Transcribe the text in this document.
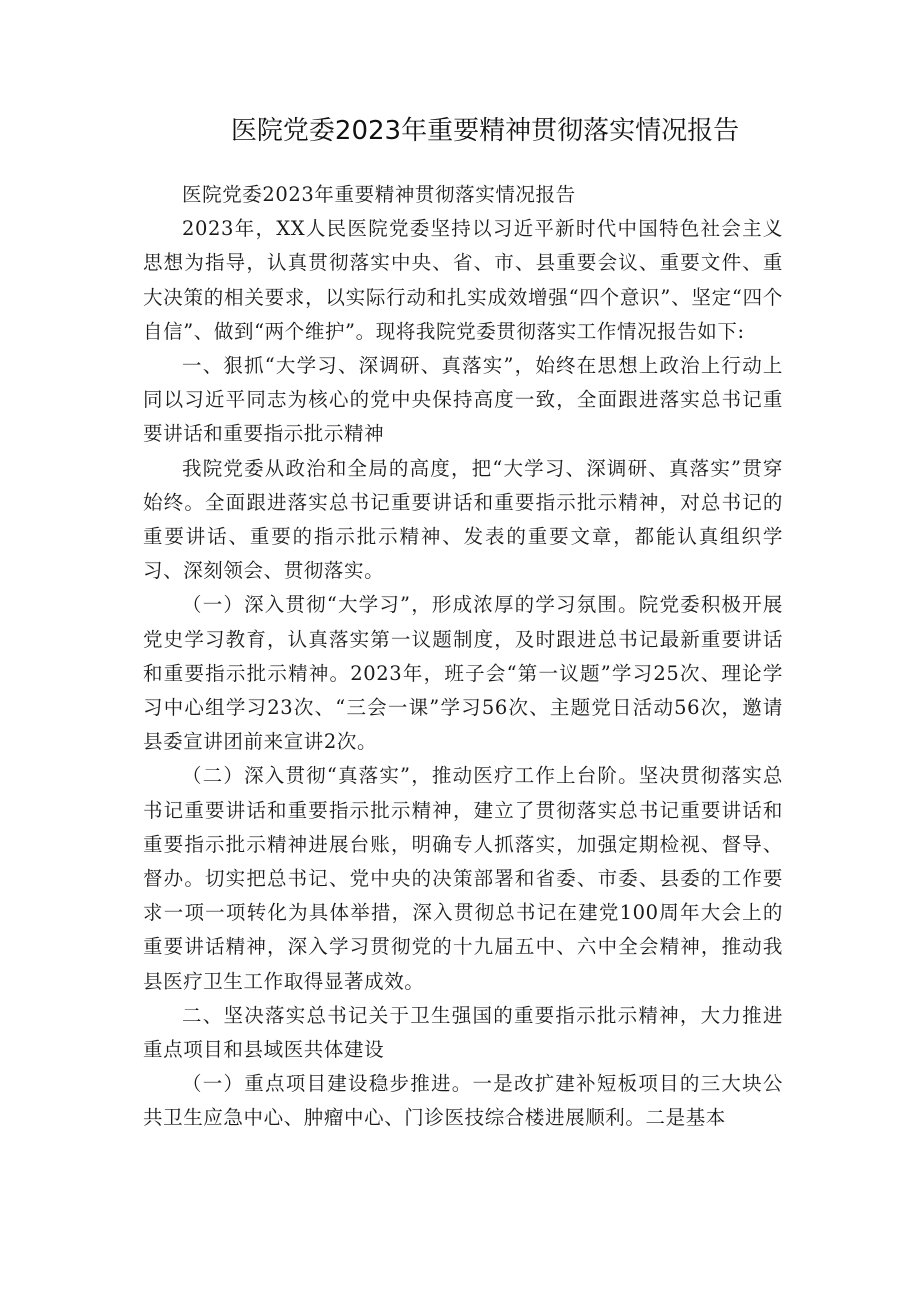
医院党委2023年重要精神贯彻落实情况报告

医院党委2023年重要精神贯彻落实情况报告

2023年，XX人民医院党委坚持以习近平新时代中国特色社会主义思想为指导，认真贯彻落实中央、省、市、县重要会议、重要文件、重大决策的相关要求，以实际行动和扎实成效增强“四个意识”、坚定“四个自信”、做到“两个维护”。现将我院党委贯彻落实工作情况报告如下:

一、狠抓“大学习、深调研、真落实”，始终在思想上政治上行动上同以习近平同志为核心的党中央保持高度一致，全面跟进落实总书记重要讲话和重要指示批示精神

我院党委从政治和全局的高度，把“大学习、深调研、真落实”贯穿始终。全面跟进落实总书记重要讲话和重要指示批示精神，对总书记的重要讲话、重要的指示批示精神、发表的重要文章，都能认真组织学习、深刻领会、贯彻落实。

（一）深入贯彻“大学习”，形成浓厚的学习氛围。院党委积极开展党史学习教育，认真落实第一议题制度，及时跟进总书记最新重要讲话和重要指示批示精神。2023年，班子会“第一议题”学习25次、理论学习中心组学习23次、“三会一课”学习56次、主题党日活动56次，邀请县委宣讲团前来宣讲2次。

（二）深入贯彻“真落实”，推动医疗工作上台阶。坚决贯彻落实总书记重要讲话和重要指示批示精神，建立了贯彻落实总书记重要讲话和重要指示批示精神进展台账，明确专人抓落实，加强定期检视、督导、督办。切实把总书记、党中央的决策部署和省委、市委、县委的工作要求一项一项转化为具体举措，深入贯彻总书记在建党100周年大会上的重要讲话精神，深入学习贯彻党的十九届五中、六中全会精神，推动我县医疗卫生工作取得显著成效。

二、坚决落实总书记关于卫生强国的重要指示批示精神，大力推进重点项目和县域医共体建设

（一）重点项目建设稳步推进。一是改扩建补短板项目的三大块公共卫生应急中心、肿瘤中心、门诊医技综合楼进展顺利。二是基本
